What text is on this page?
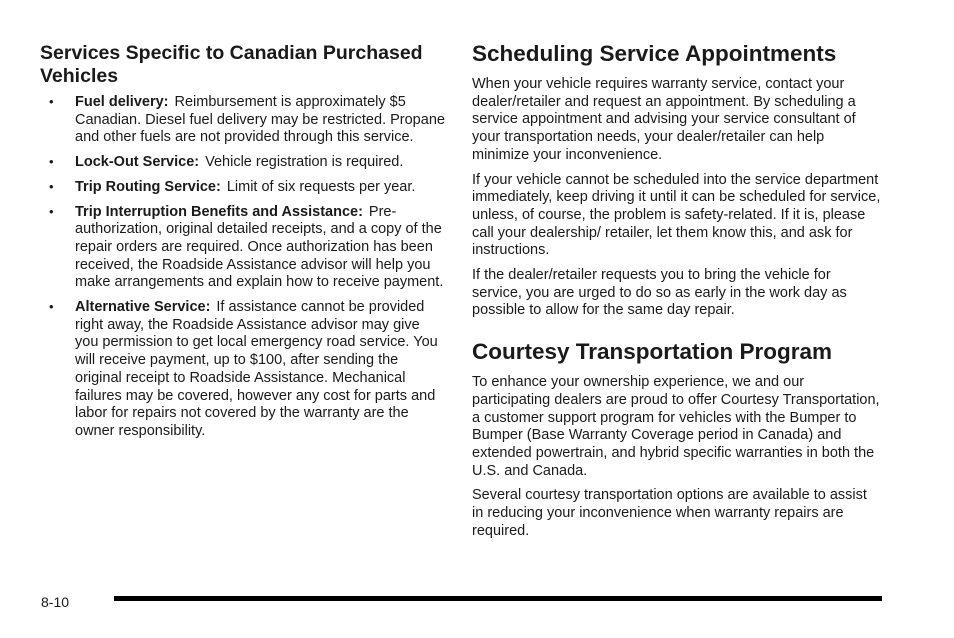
Services Specific to Canadian Purchased Vehicles
• Fuel delivery: Reimbursement is approximately $5 Canadian. Diesel fuel delivery may be restricted. Propane and other fuels are not provided through this service.
• Lock-Out Service: Vehicle registration is required.
• Trip Routing Service: Limit of six requests per year.
• Trip Interruption Benefits and Assistance: Pre-authorization, original detailed receipts, and a copy of the repair orders are required. Once authorization has been received, the Roadside Assistance advisor will help you make arrangements and explain how to receive payment.
• Alternative Service: If assistance cannot be provided right away, the Roadside Assistance advisor may give you permission to get local emergency road service. You will receive payment, up to $100, after sending the original receipt to Roadside Assistance. Mechanical failures may be covered, however any cost for parts and labor for repairs not covered by the warranty are the owner responsibility.
Scheduling Service Appointments

When your vehicle requires warranty service, contact your dealer/retailer and request an appointment. By scheduling a service appointment and advising your service consultant of your transportation needs, your dealer/retailer can help minimize your inconvenience.

If your vehicle cannot be scheduled into the service department immediately, keep driving it until it can be scheduled for service, unless, of course, the problem is safety-related. If it is, please call your dealership/ retailer, let them know this, and ask for instructions.

If the dealer/retailer requests you to bring the vehicle for service, you are urged to do so as early in the work day as possible to allow for the same day repair.

Courtesy Transportation Program

To enhance your ownership experience, we and our participating dealers are proud to offer Courtesy Transportation, a customer support program for vehicles with the Bumper to Bumper (Base Warranty Coverage period in Canada) and extended powertrain, and hybrid specific warranties in both the U.S. and Canada.

Several courtesy transportation options are available to assist in reducing your inconvenience when warranty repairs are required.

8-10
